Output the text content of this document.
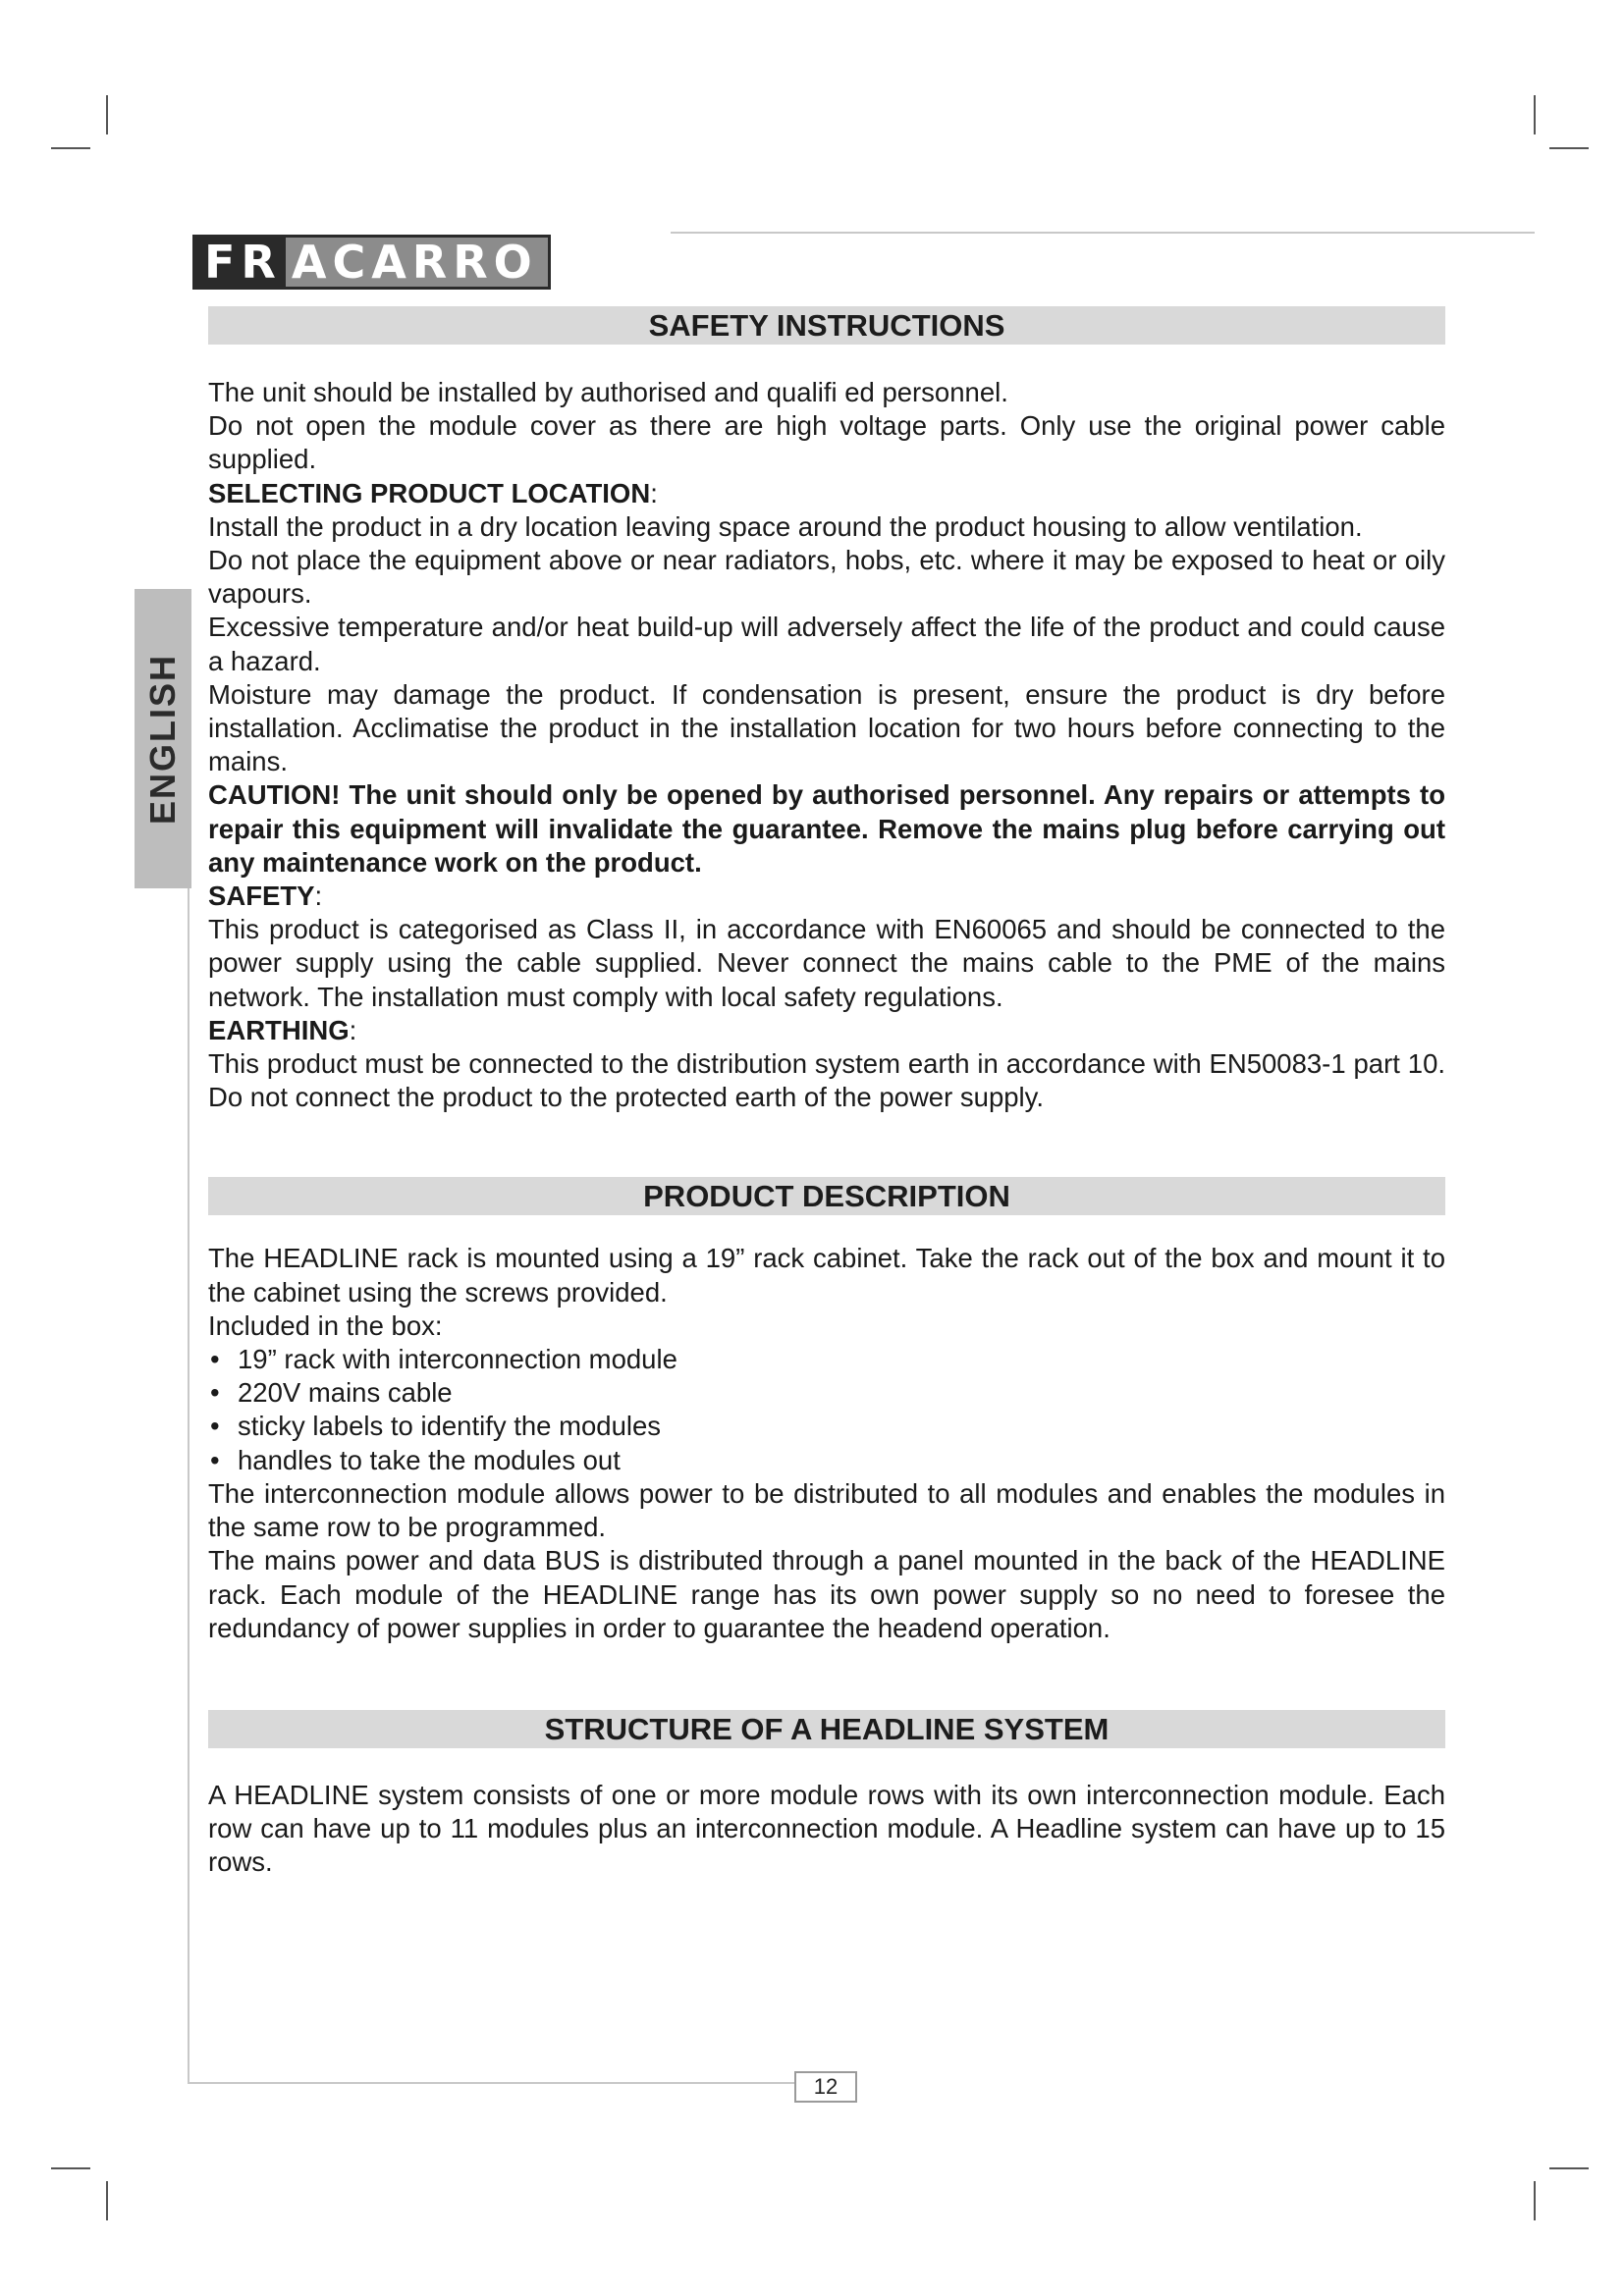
FR ACARRO
ENGLISH
12
SAFETY INSTRUCTIONS

The unit should be installed by authorised and qualifi ed personnel.

Do not open the module cover as there are high voltage parts. Only use the original power cable supplied.

SELECTING PRODUCT LOCATION:

Install the product in a dry location leaving space around the product housing to allow ventilation.

Do not place the equipment above or near radiators, hobs, etc. where it may be exposed to heat or oily vapours.

Excessive temperature and/or heat build-up will adversely affect the life of the product and could cause a hazard.

Moisture may damage the product. If condensation is present, ensure the product is dry before installation. Acclimatise the product in the installation location for two hours before connecting to the mains.

CAUTION! The unit should only be opened by authorised personnel. Any repairs or attempts to repair this equipment will invalidate the guarantee. Remove the mains plug before carrying out any maintenance work on the product.

SAFETY:

This product is categorised as Class II, in accordance with EN60065 and should be connected to the power supply using the cable supplied. Never connect the mains cable to the PME of the mains network. The installation must comply with local safety regulations.

EARTHING:

This product must be connected to the distribution system earth in accordance with EN50083-1 part 10. Do not connect the product to the protected earth of the power supply.

PRODUCT DESCRIPTION

The HEADLINE rack is mounted using a 19” rack cabinet. Take the rack out of the box and mount it to the cabinet using the screws provided.

Included in the box:

• 19” rack with interconnection module
• 220V mains cable
• sticky labels to identify the modules
• handles to take the modules out

The interconnection module allows power to be distributed to all modules and enables the modules in the same row to be programmed.

The mains power and data BUS is distributed through a panel mounted in the back of the HEADLINE rack. Each module of the HEADLINE range has its own power supply so no need to foresee the redundancy of power supplies in order to guarantee the headend operation.

STRUCTURE OF A HEADLINE SYSTEM

A HEADLINE system consists of one or more module rows with its own interconnection module. Each row can have up to 11 modules plus an interconnection module. A Headline system can have up to 15 rows.
